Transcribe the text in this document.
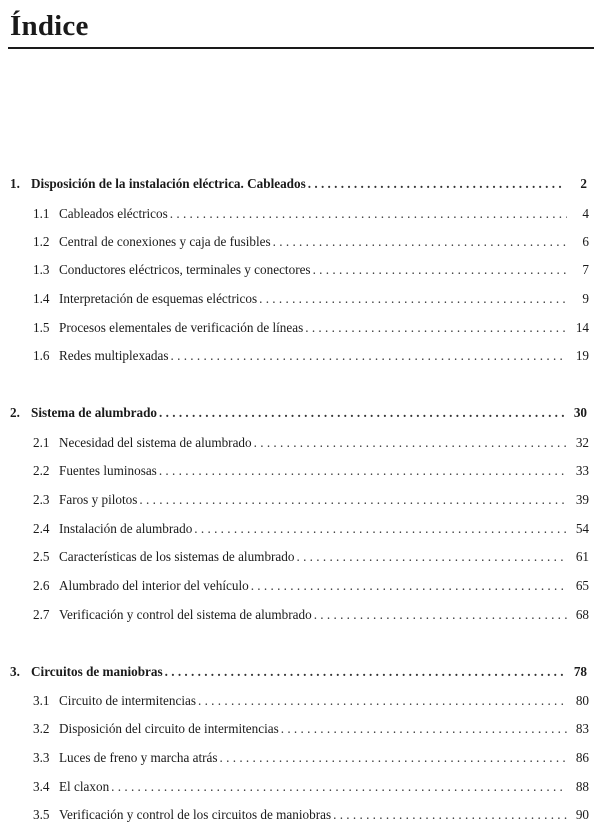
Índice
1. Disposición de la instalación eléctrica. Cableados . . .	2
1.1 Cableados eléctricos . . .	4
1.2 Central de conexiones y caja de fusibles . . .	6
1.3 Conductores eléctricos, terminales y conectores . . .	7
1.4 Interpretación de esquemas eléctricos . . .	9
1.5 Procesos elementales de verificación de líneas . . .	14
1.6 Redes multiplexadas . . .	19
2. Sistema de alumbrado . . .	30
2.1 Necesidad del sistema de alumbrado . . .	32
2.2 Fuentes luminosas . . .	33
2.3 Faros y pilotos . . .	39
2.4 Instalación de alumbrado . . .	54
2.5 Características de los sistemas de alumbrado . . .	61
2.6 Alumbrado del interior del vehículo . . .	65
2.7 Verificación y control del sistema de alumbrado . . .	68
3. Circuitos de maniobras . . .	78
3.1 Circuito de intermitencias . . .	80
3.2 Disposición del circuito de intermitencias . . .	83
3.3 Luces de freno y marcha atrás . . .	86
3.4 El claxon . . .	88
3.5 Verificación y control de los circuitos de maniobras . . .	90
